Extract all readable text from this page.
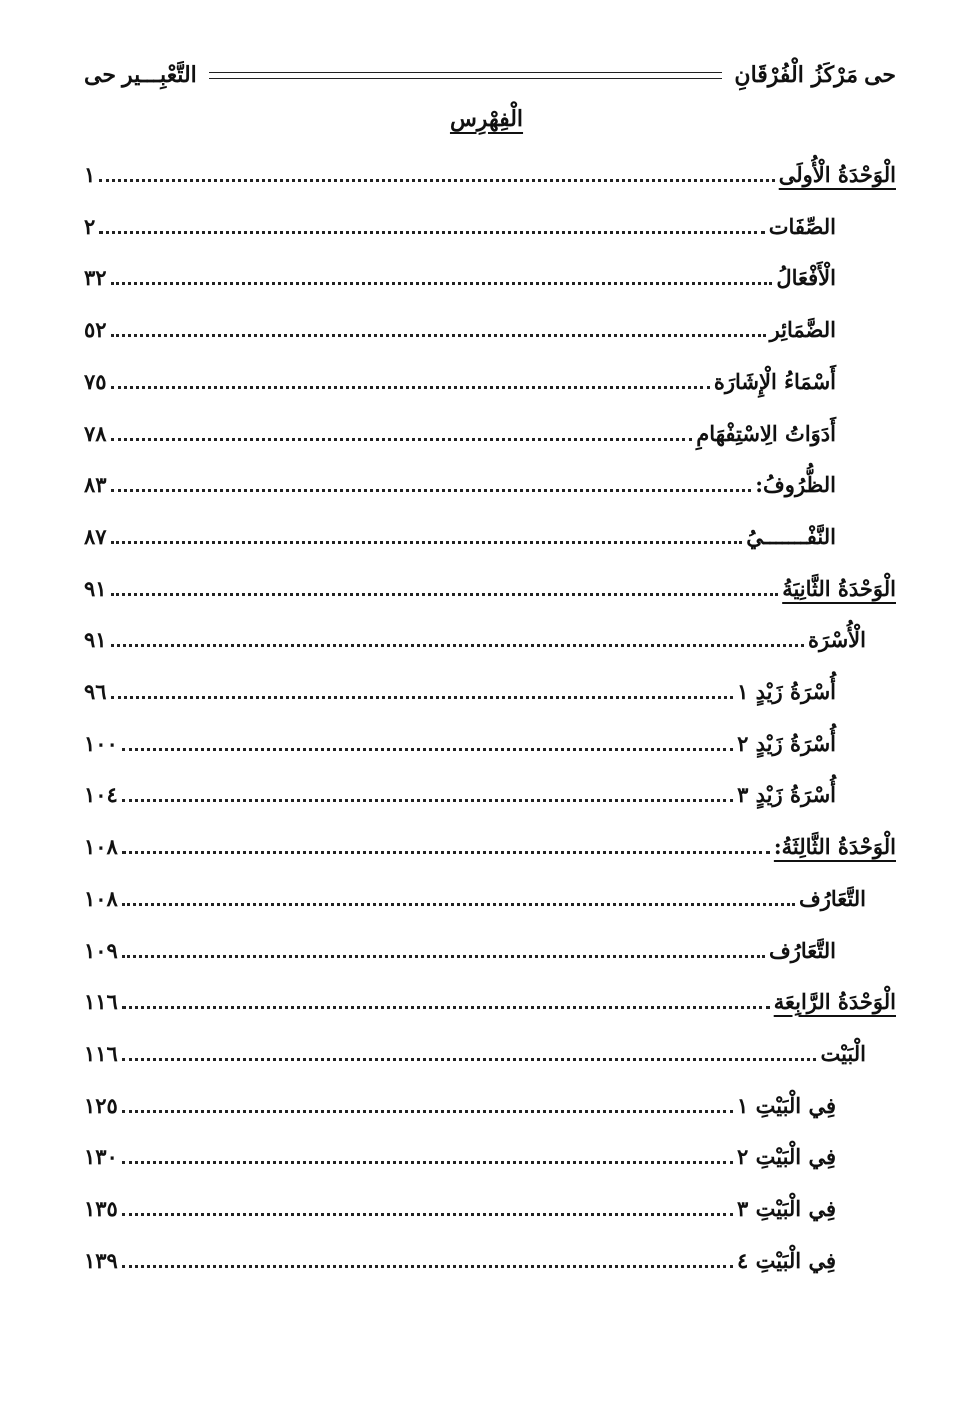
ﺣﻰ
مَرْكَزُ الْفُرْقَانِ
التَّعْبِـــير
ﺣﻰ
الْفِهْرِس
الْوَحْدَةُ الْأُولَى
١
الصِّفَات
٢
الْأَفْعَالُ
٣٢
الضَّمَائِر
٥٢
أَسْمَاءُ الْإِشَارَة
٧٥
أَدَوَاتُ الِاسْتِفْهَامِ
٧٨
الظُّرُوفُ:
٨٣
النَّفْـــــــيُ
٨٧
الْوَحْدَةُ الثَّانِيَةُ
٩١
الْأُسْرَة
٩١
أُسْرَةُ زَيْدٍ ١
٩٦
أُسْرَةُ زَيْدٍ ٢
١٠٠
أُسْرَةُ زَيْدٍ ٣
١٠٤
الْوَحْدَةُ الثَّالِثَةُ:
١٠٨
التَّعَارُف
١٠٨
التَّعَارُف
١٠٩
الْوَحْدَةُ الرَّابِعَة
١١٦
الْبَيْت
١١٦
فِي الْبَيْتِ ١
١٢٥
فِي الْبَيْتِ ٢
١٣٠
فِي الْبَيْتِ ٣
١٣٥
فِي الْبَيْتِ ٤
١٣٩
